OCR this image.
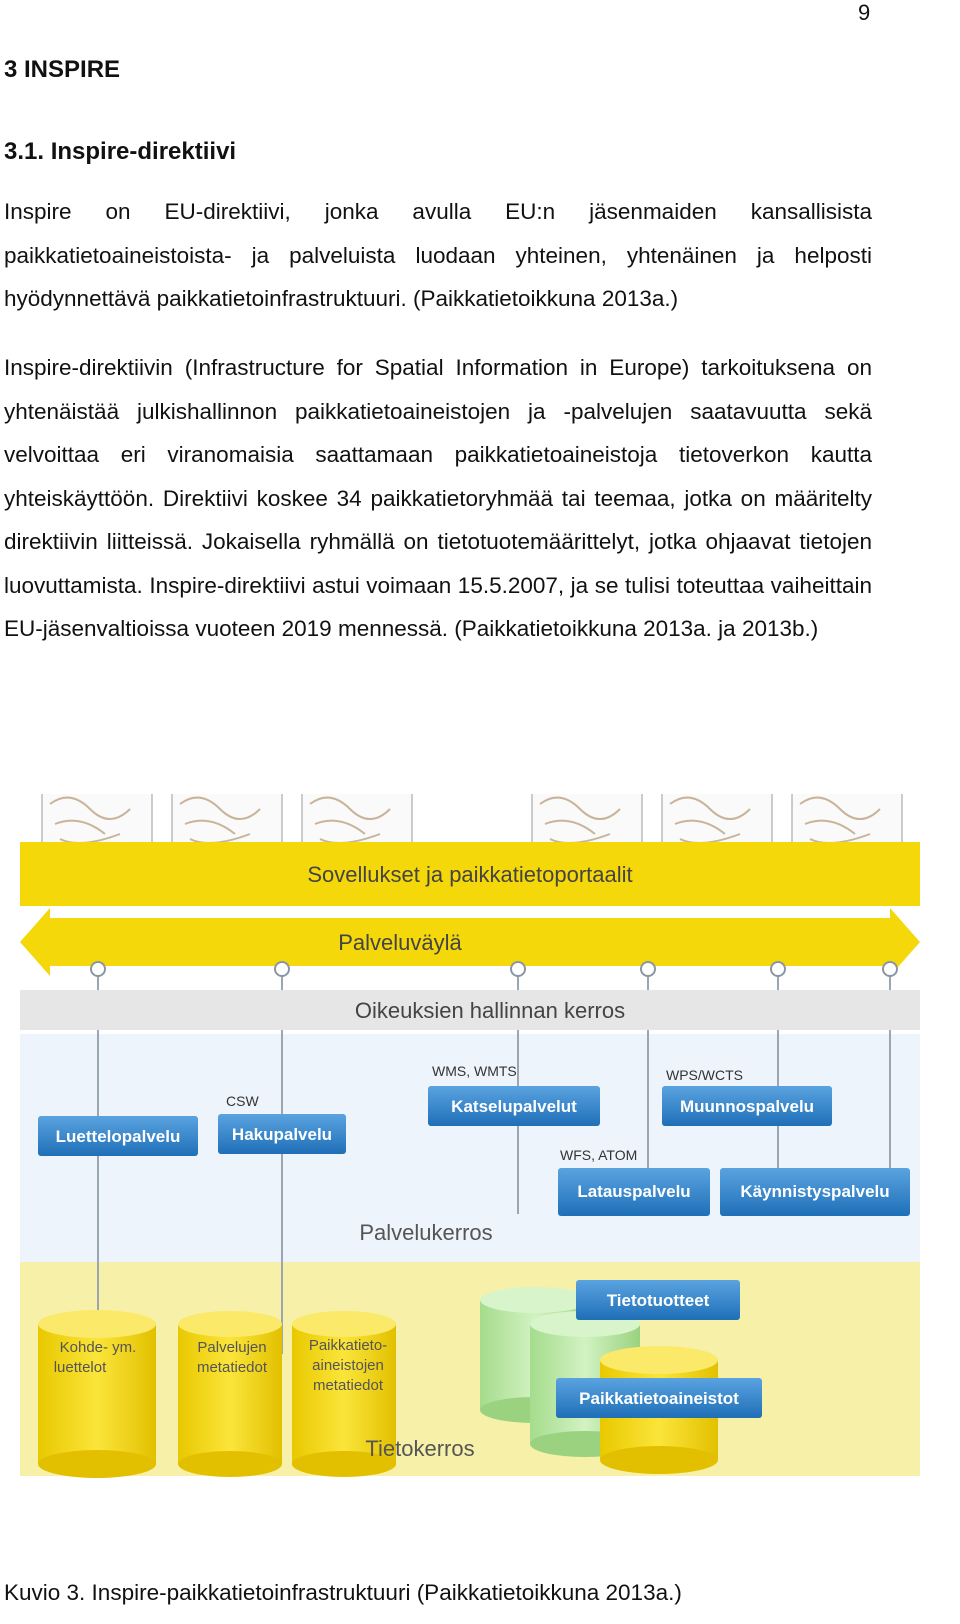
9
3 INSPIRE
3.1. Inspire-direktiivi

Inspire on EU-direktiivi, jonka avulla EU:n jäsenmaiden kansallisista paikkatietoaineistoista- ja palveluista luodaan yhteinen, yhtenäinen ja helposti hyödynnettävä paikkatietoinfrastruktuuri. (Paikkatietoikkuna 2013a.)

Inspire-direktiivin (Infrastructure for Spatial Information in Europe) tarkoituksena on yhtenäistää julkishallinnon paikkatietoaineistojen ja -palvelujen saatavuutta sekä velvoittaa eri viranomaisia saattamaan paikkatietoaineistoja tietoverkon kautta yhteiskäyttöön. Direktiivi koskee 34 paikkatietoryhmää tai teemaa, jotka on määritelty direktiivin liitteissä. Jokaisella ryhmällä on tietotuotemäärittelyt, jotka ohjaavat tietojen luovuttamista. Inspire-direktiivi astui voimaan 15.5.2007, ja se tulisi toteuttaa vaiheittain EU-jäsenvaltioissa vuoteen 2019 mennessä. (Paikkatietoikkuna 2013a. ja 2013b.)

Sovellukset ja paikkatietoportaalit
Palveluväylä
Oikeuksien hallinnan kerros
CSW
WMS, WMTS	WPS/WCTS
WFS, ATOM
Luettelopalvelu	Hakupalvelu
Katselupalvelut	Muunnospalvelu
Latauspalvelu	Käynnistyspalvelu
Palvelukerros
Kohde- ym.
luettelot
Palvelujen
metatiedot
Paikkatieto-
aineistojen
metatiedot
Tietotuotteet
Paikkatietoaineistot
Tietokerros

Kuvio 3. Inspire-paikkatietoinfrastruktuuri (Paikkatietoikkuna 2013a.)
